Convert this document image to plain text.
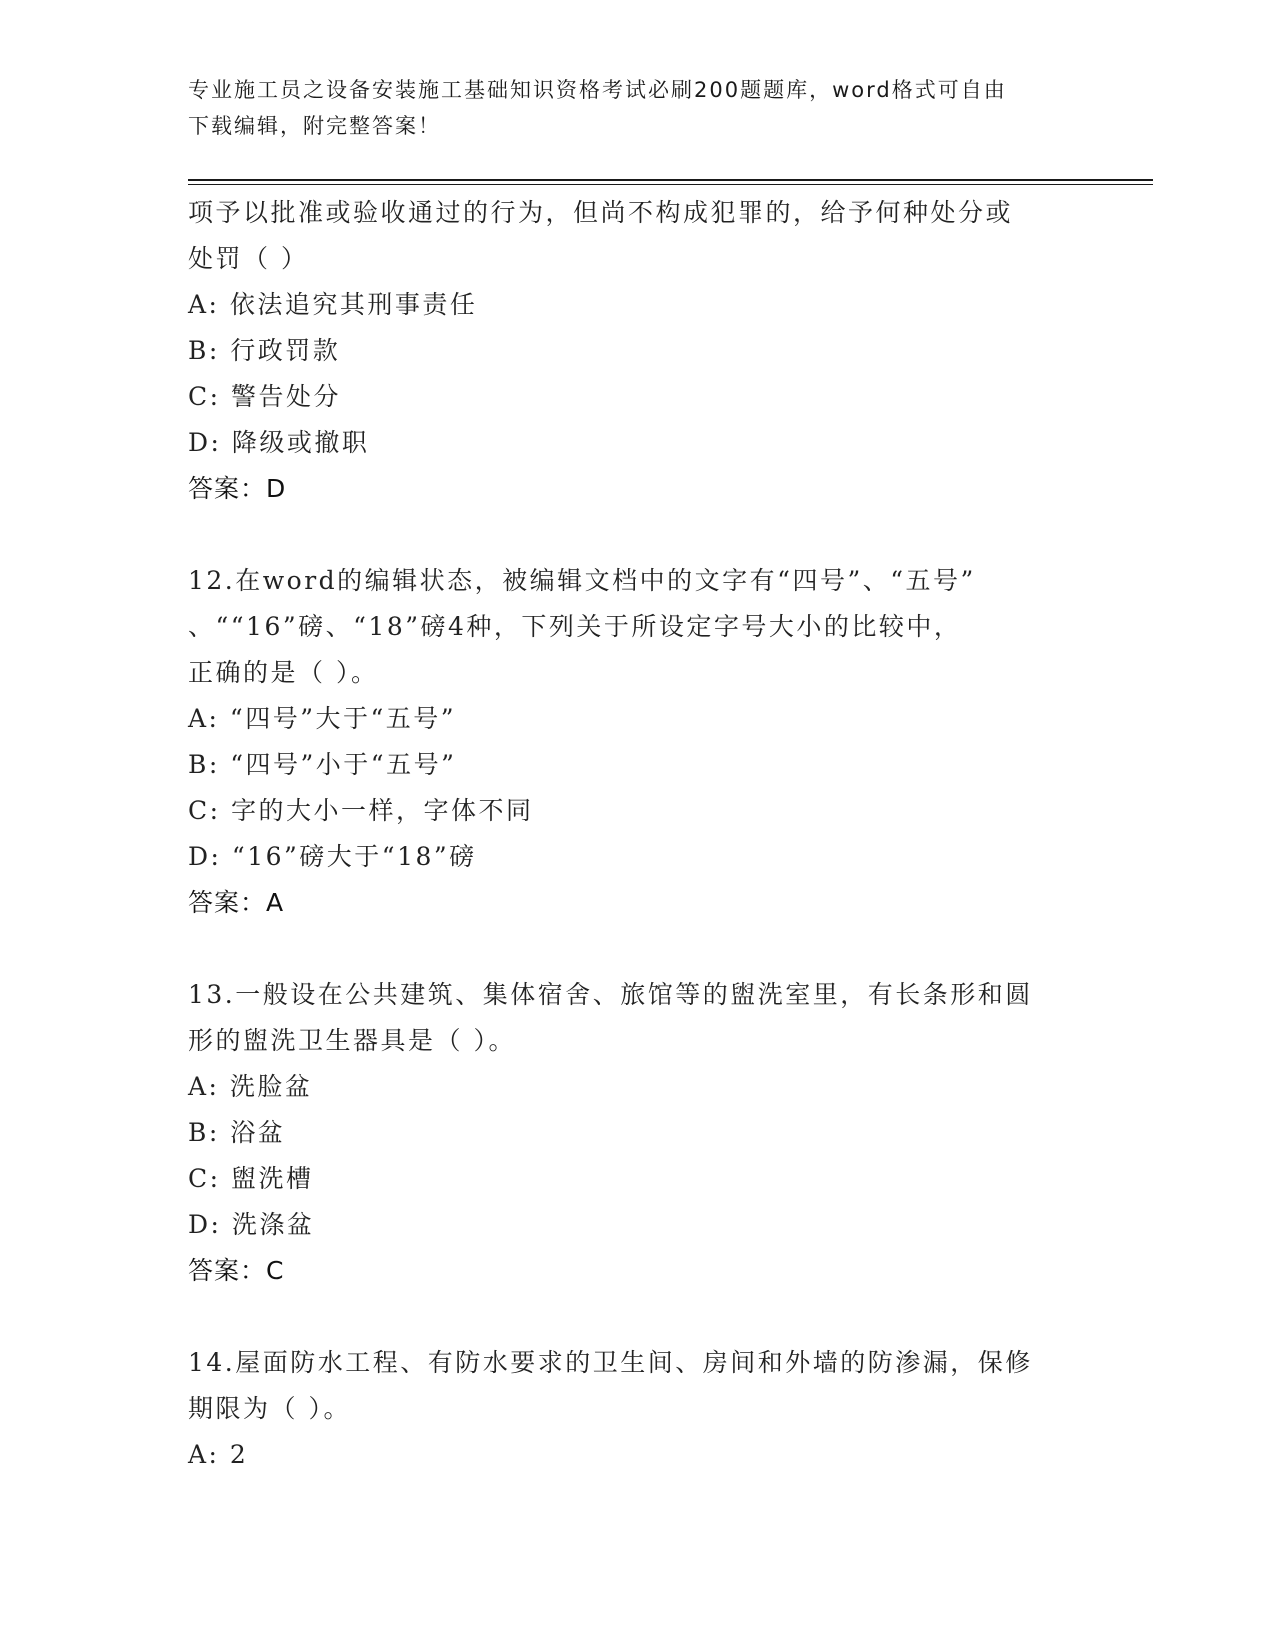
专业施工员之设备安装施工基础知识资格考试必刷200题题库，word格式可自由
下载编辑，附完整答案！
项予以批准或验收通过的行为，但尚不构成犯罪的，给予何种处分或
处罚（ ）
A: 依法追究其刑事责任
B: 行政罚款
C: 警告处分
D: 降级或撤职
答案：D
12.在word的编辑状态，被编辑文档中的文字有“四号”、“五号”
、““16”磅、“18”磅4种，下列关于所设定字号大小的比较中，
正确的是（ ）。
A: “四号”大于“五号”
B: “四号”小于“五号”
C: 字的大小一样，字体不同
D: “16”磅大于“18”磅
答案：A
13.一般设在公共建筑、集体宿舍、旅馆等的盥洗室里，有长条形和圆
形的盥洗卫生器具是（ ）。
A: 洗脸盆
B: 浴盆
C: 盥洗槽
D: 洗涤盆
答案：C
14.屋面防水工程、有防水要求的卫生间、房间和外墙的防渗漏，保修
期限为（ ）。
A: 2
